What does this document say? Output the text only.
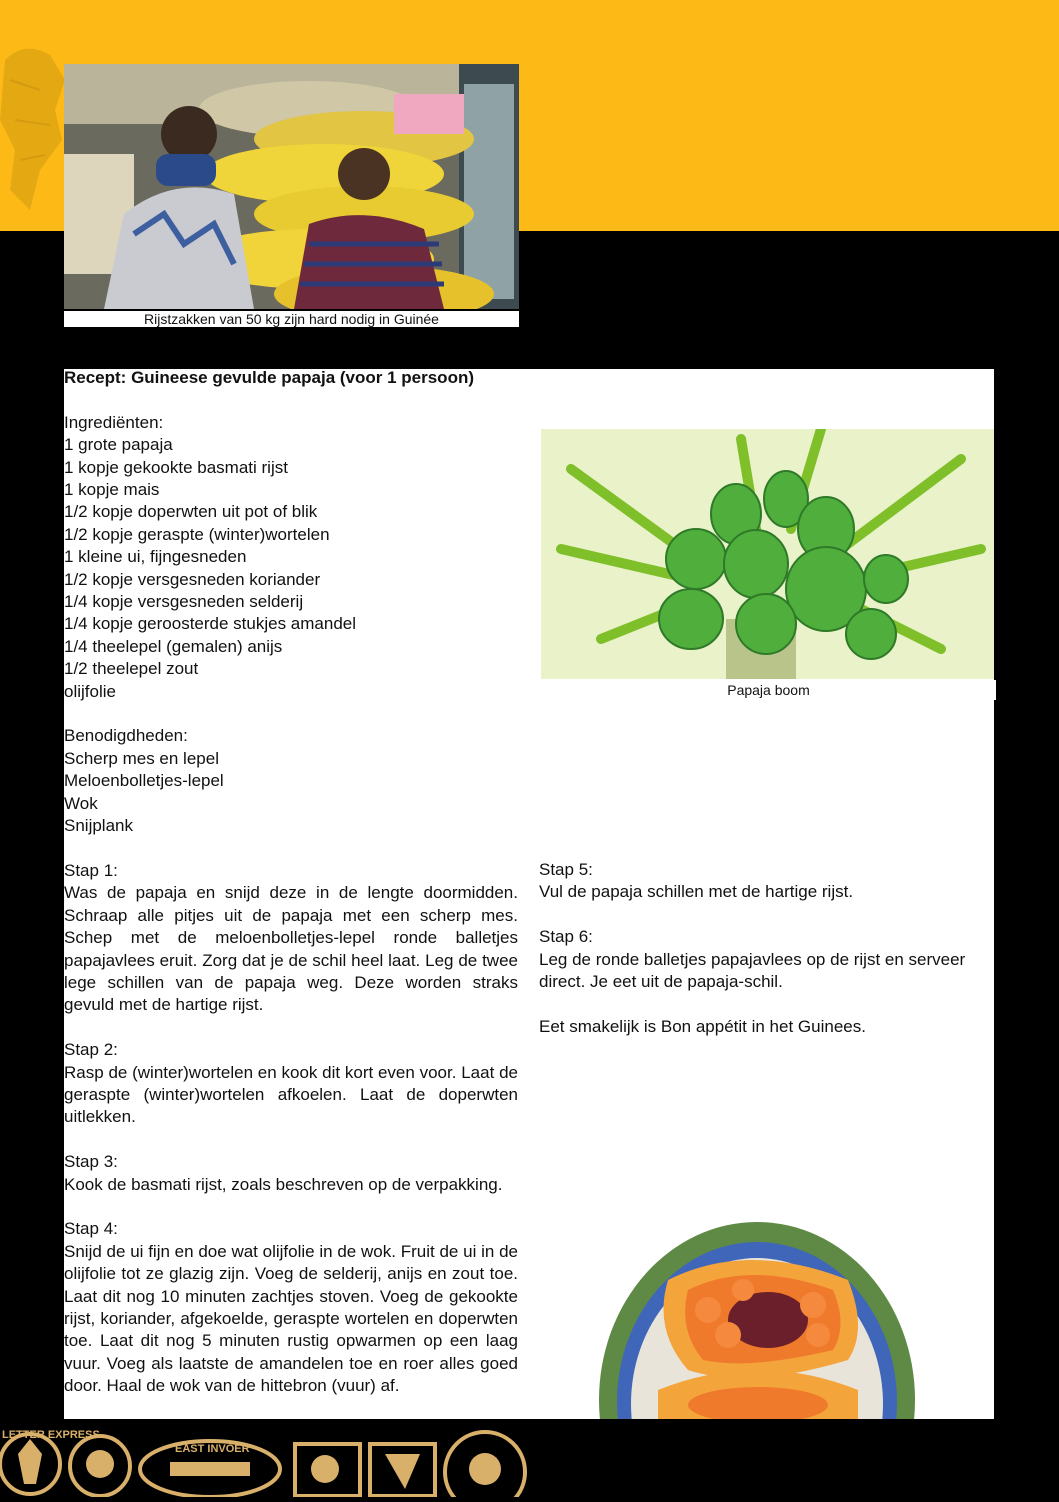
Rijstzakken van 50 kg zijn hard nodig in Guinée

Recept: Guineese gevulde papaja (voor 1 persoon)

Ingrediënten:

1 grote papaja

1 kopje gekookte basmati rijst

1 kopje mais

1/2 kopje doperwten uit pot of blik

1/2 kopje geraspte (winter)wortelen

1 kleine ui, fijngesneden

1/2 kopje versgesneden koriander

1/4 kopje versgesneden selderij

1/4 kopje geroosterde stukjes amandel

1/4 theelepel (gemalen) anijs

1/2 theelepel zout

olijfolie

Benodigdheden:

Scherp mes en lepel

Meloenbolletjes-lepel

Wok

Snijplank

Stap 1:

Was de papaja en snijd deze in de lengte doormidden. Schraap alle pitjes uit de papaja met een scherp mes. Schep met de meloenbolletjes-lepel ronde balletjes papajavlees eruit. Zorg dat je de schil heel laat. Leg de twee lege schillen van de papaja weg. Deze worden straks gevuld met de hartige rijst.

Stap 2:

Rasp de (winter)wortelen en kook dit kort even voor. Laat de geraspte (winter)wortelen afkoelen. Laat de doperwten uitlekken.

Stap 3:

Kook de basmati rijst, zoals beschreven op de verpakking.

Stap 4:

Snijd de ui fijn en doe wat olijfolie in de wok. Fruit de ui in de olijfolie tot ze glazig zijn. Voeg de selderij, anijs en zout toe. Laat dit nog 10 minuten zachtjes stoven. Voeg de gekookte rijst, koriander, afgekoelde, geraspte wortelen en doperwten toe. Laat dit nog 5 minuten rustig opwarmen op een laag vuur. Voeg als laatste de amandelen toe en roer alles goed door. Haal de wok van de hittebron (vuur) af.

Papaja boom

Stap 5:

Vul de papaja schillen met de hartige rijst.

Stap 6:

Leg de ronde balletjes papajavlees op de rijst en serveer direct. Je eet uit de papaja-schil.

Eet smakelijk is Bon appétit in het Guinees.

LETTER EXPRESS
EAST INVOER
